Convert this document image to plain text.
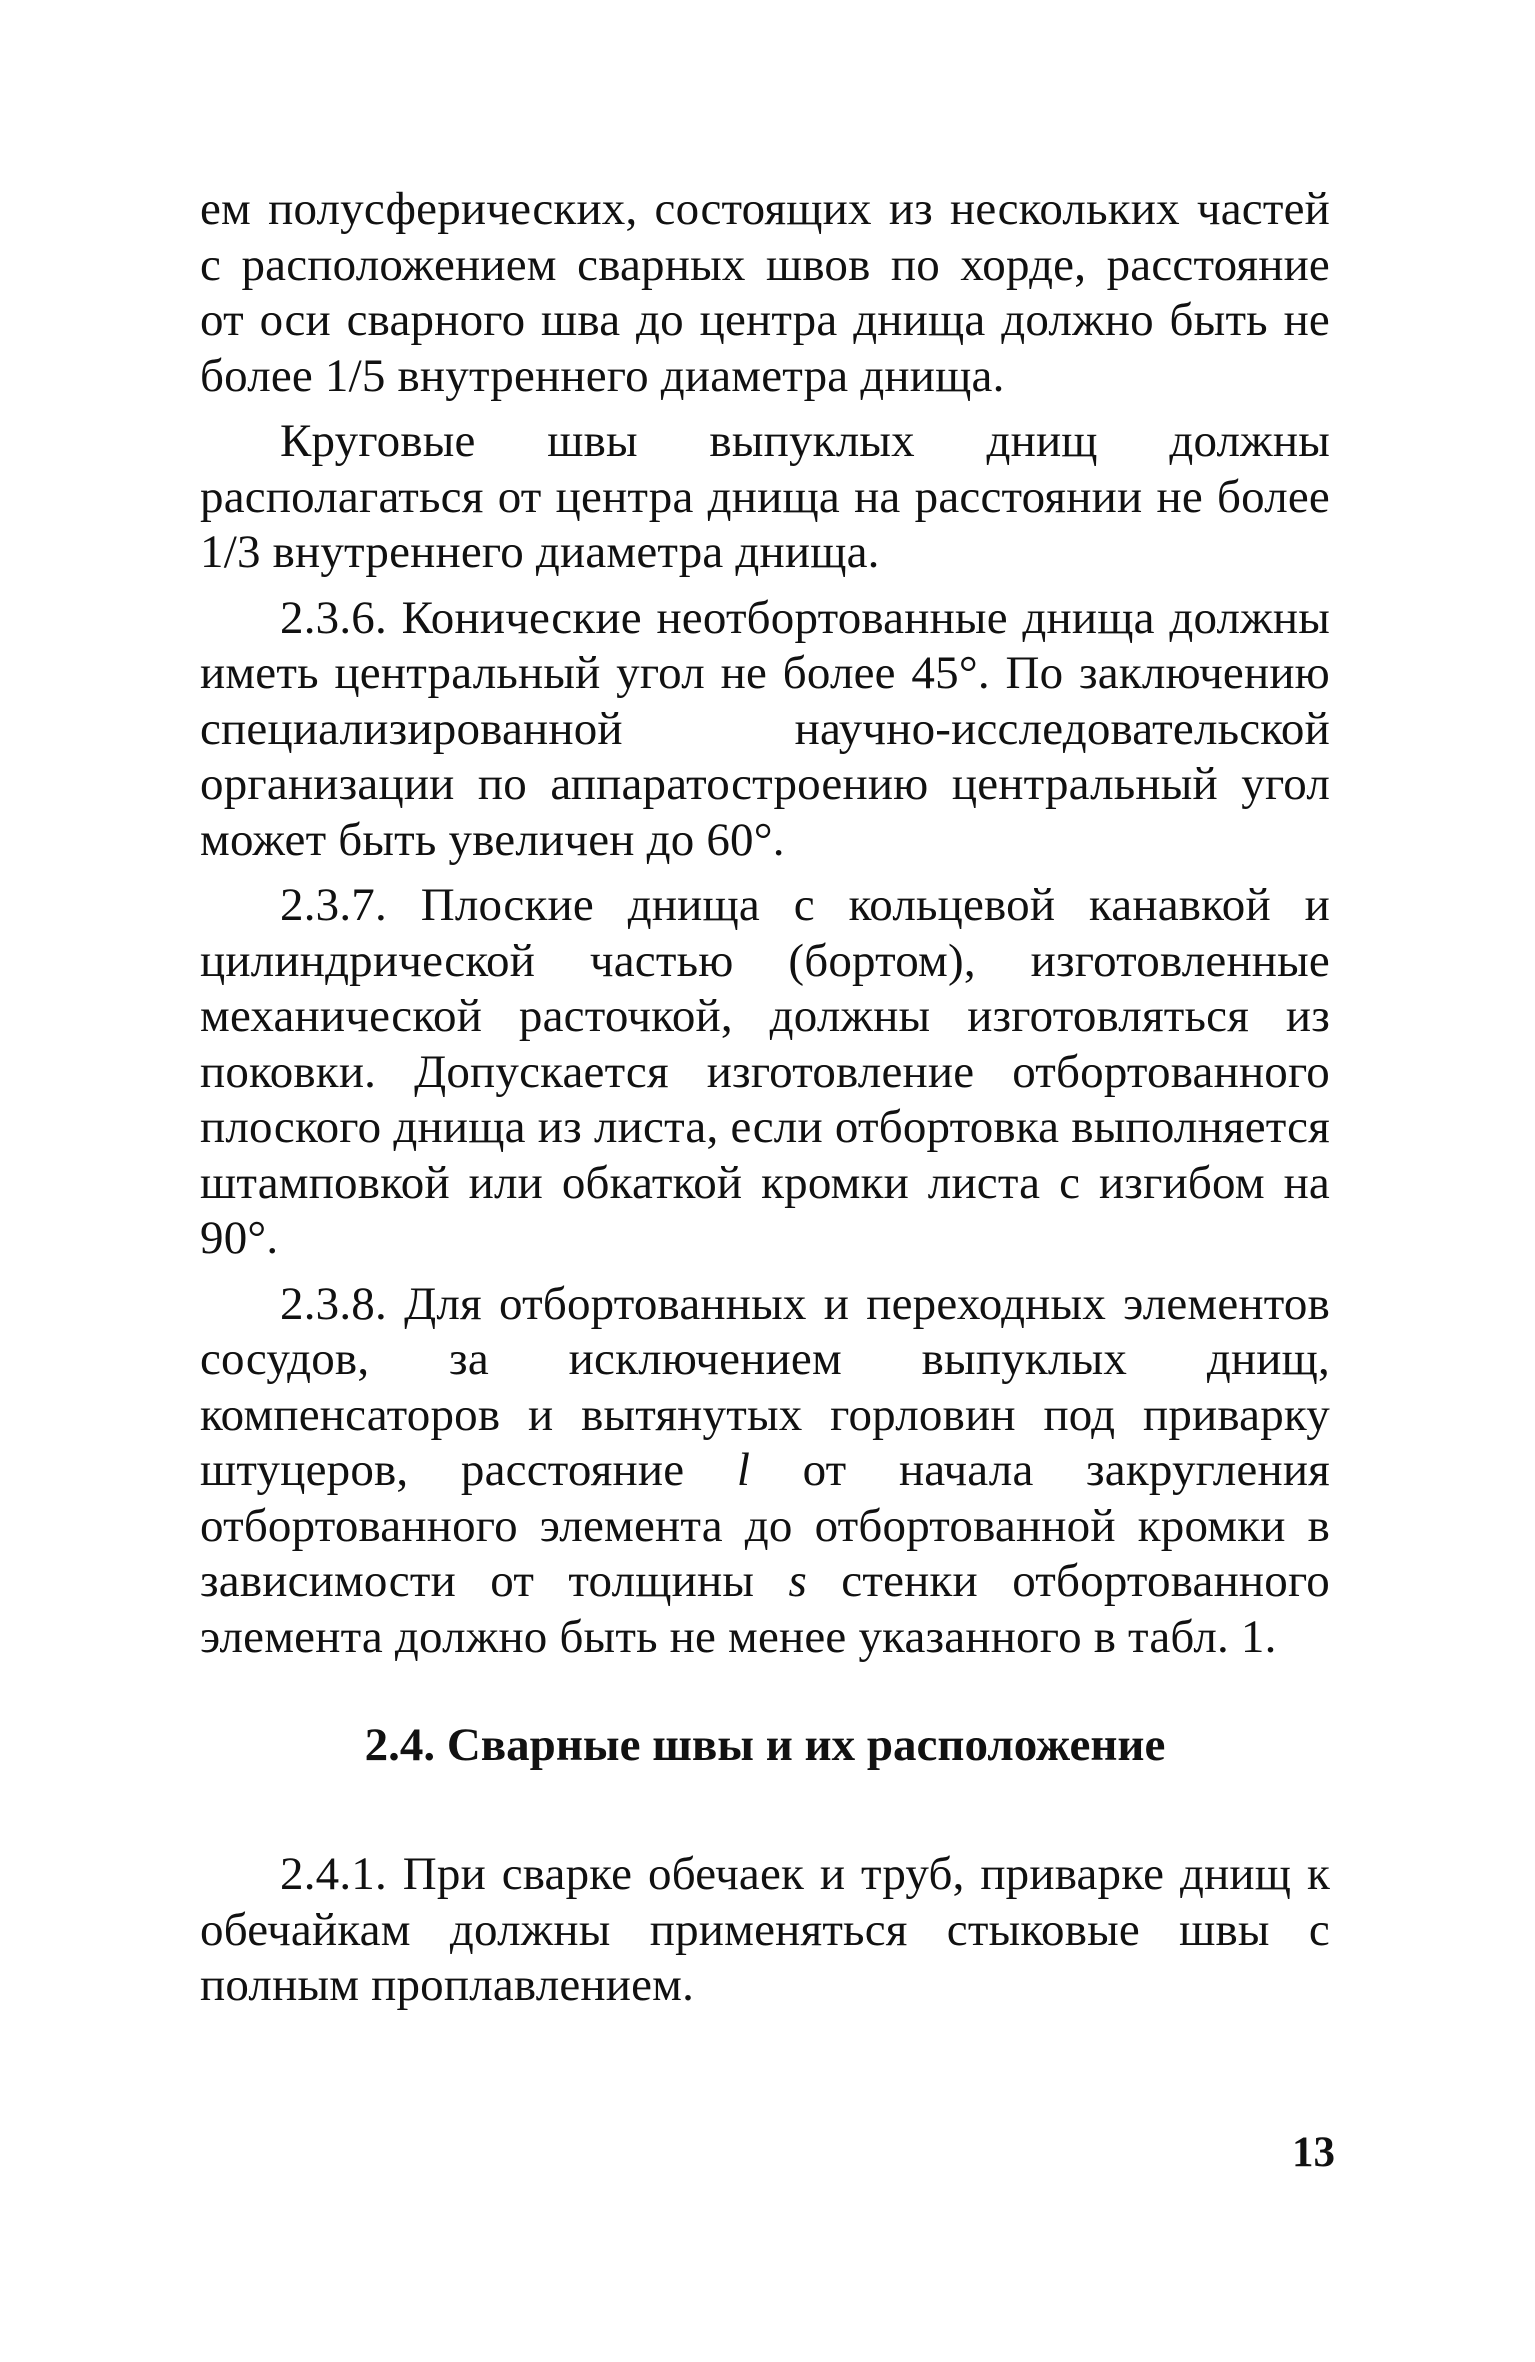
ем полусферических, состоящих из нескольких частей с расположением сварных швов по хорде, расстояние от оси сварного шва до центра днища должно быть не более 1/5 внутреннего диаметра днища.

Круговые швы выпуклых днищ должны располагаться от центра днища на расстоянии не более 1/3 внутреннего диаметра днища.

2.3.6. Конические неотбортованные днища должны иметь центральный угол не более 45°. По заключению специализированной научно-исследовательской организации по аппаратостроению центральный угол может быть увеличен до 60°.

2.3.7. Плоские днища с кольцевой канавкой и цилиндрической частью (бортом), изготовленные механической расточкой, должны изготовляться из поковки. Допускается изготовление отбортованного плоского днища из листа, если отбортовка выполняется штамповкой или обкаткой кромки листа с изгибом на 90°.

2.3.8. Для отбортованных и переходных элементов сосудов, за исключением выпуклых днищ, компенсаторов и вытянутых горловин под приварку штуцеров, расстояние l от начала закругления отбортованного элемента до отбортованной кромки в зависимости от толщины s стенки отбортованного элемента должно быть не менее указанного в табл. 1.

2.4. Сварные швы и их расположение

2.4.1. При сварке обечаек и труб, приварке днищ к обечайкам должны применяться стыковые швы с полным проплавлением.

13
